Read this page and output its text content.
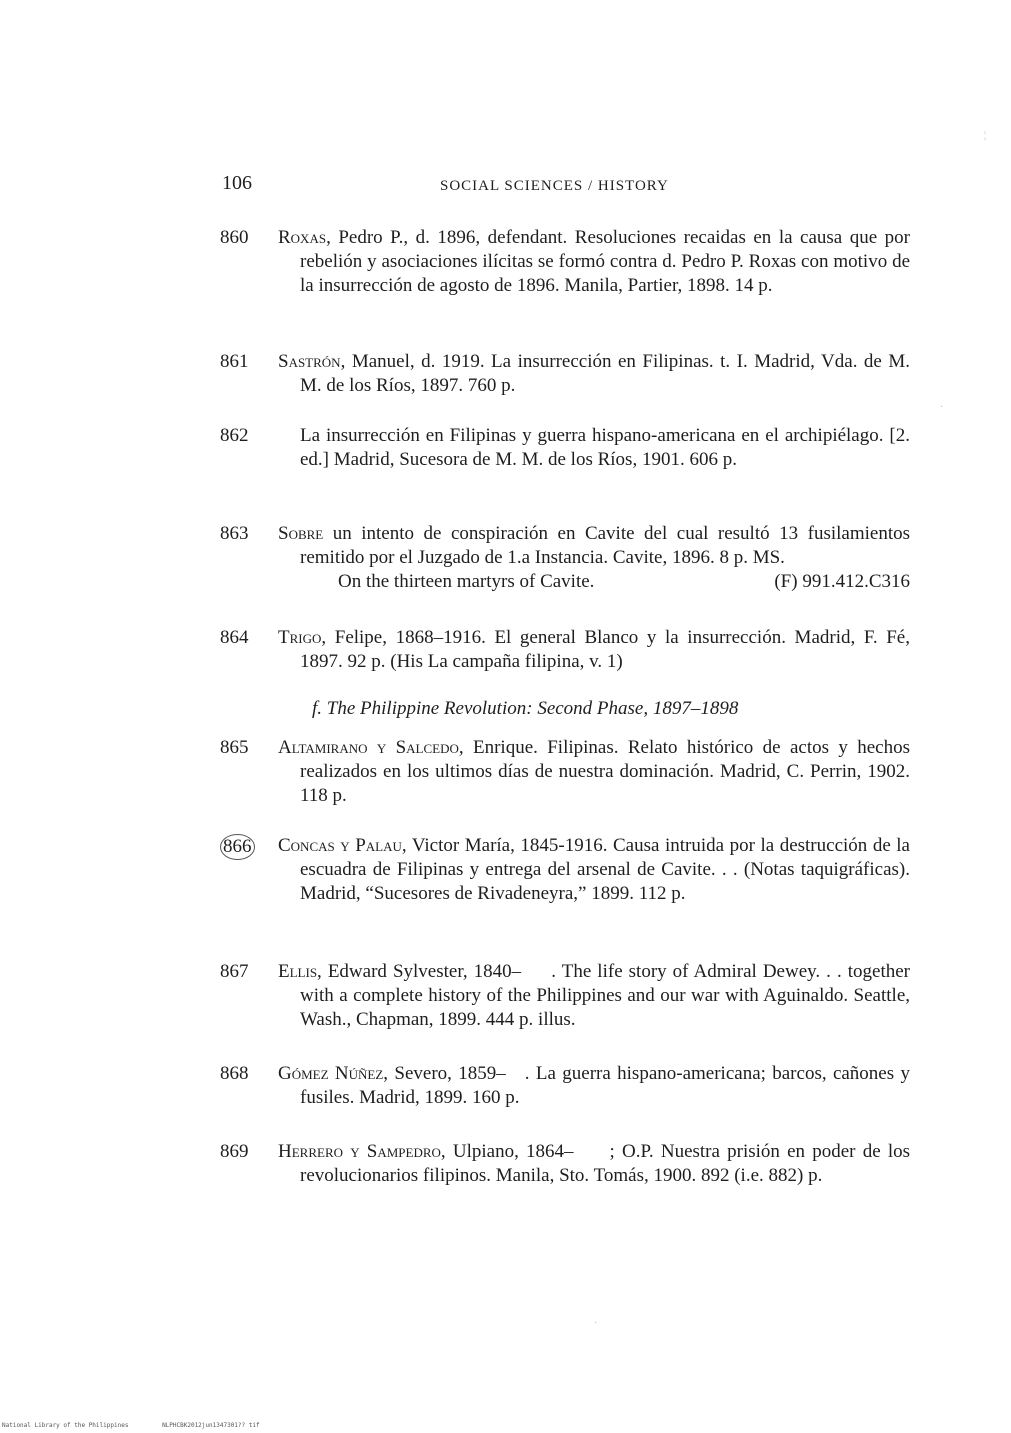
106	SOCIAL SCIENCES / HISTORY
860	Roxas, Pedro P., d. 1896, defendant. Resoluciones recaidas en la causa que por rebelión y asociaciones ilícitas se formó contra d. Pedro P. Roxas con motivo de la insurrección de agosto de 1896. Manila, Partier, 1898. 14 p.
861	Sastrón, Manuel, d. 1919. La insurrección en Filipinas. t. I. Madrid, Vda. de M. M. de los Ríos, 1897. 760 p.
862	La insurrección en Filipinas y guerra hispano-americana en el archipiélago. [2. ed.] Madrid, Sucesora de M. M. de los Ríos, 1901. 606 p.
863	Sobre un intento de conspiración en Cavite del cual resultó 13 fusilamientos remitido por el Juzgado de 1.a Instancia. Cavite, 1896. 8 p. MS.
On the thirteen martyrs of Cavite.	(F) 991.412.C316
864	Trigo, Felipe, 1868–1916. El general Blanco y la insurrección. Madrid, F. Fé, 1897. 92 p. (His La campaña filipina, v. 1)
f. The Philippine Revolution: Second Phase, 1897–1898
865	Altamirano y Salcedo, Enrique. Filipinas. Relato histórico de actos y hechos realizados en los ultimos días de nuestra dominación. Madrid, C. Perrin, 1902. 118 p.
866	Concas y Palau, Victor María, 1845-1916. Causa intruida por la destrucción de la escuadra de Filipinas y entrega del arsenal de Cavite. . . (Notas taquigráficas). Madrid, “Sucesores de Rivadeneyra,” 1899. 112 p.
867	Ellis, Edward Sylvester, 1840–     . The life story of Admiral Dewey. . . together with a complete history of the Philippines and our war with Aguinaldo. Seattle, Wash., Chapman, 1899. 444 p. illus.
868	Gómez Núñez, Severo, 1859–   . La guerra hispano-americana; barcos, cañones y fusiles. Madrid, 1899. 160 p.
869	Herrero y Sampedro, Ulpiano, 1864–     ; O.P. Nuestra prisión en poder de los revolucionarios filipinos. Manila, Sto. Tomás, 1900. 892 (i.e. 882) p.
¦
·
·
National Library of the Philippines	NLPHCBK2012jun1347301?? tif
